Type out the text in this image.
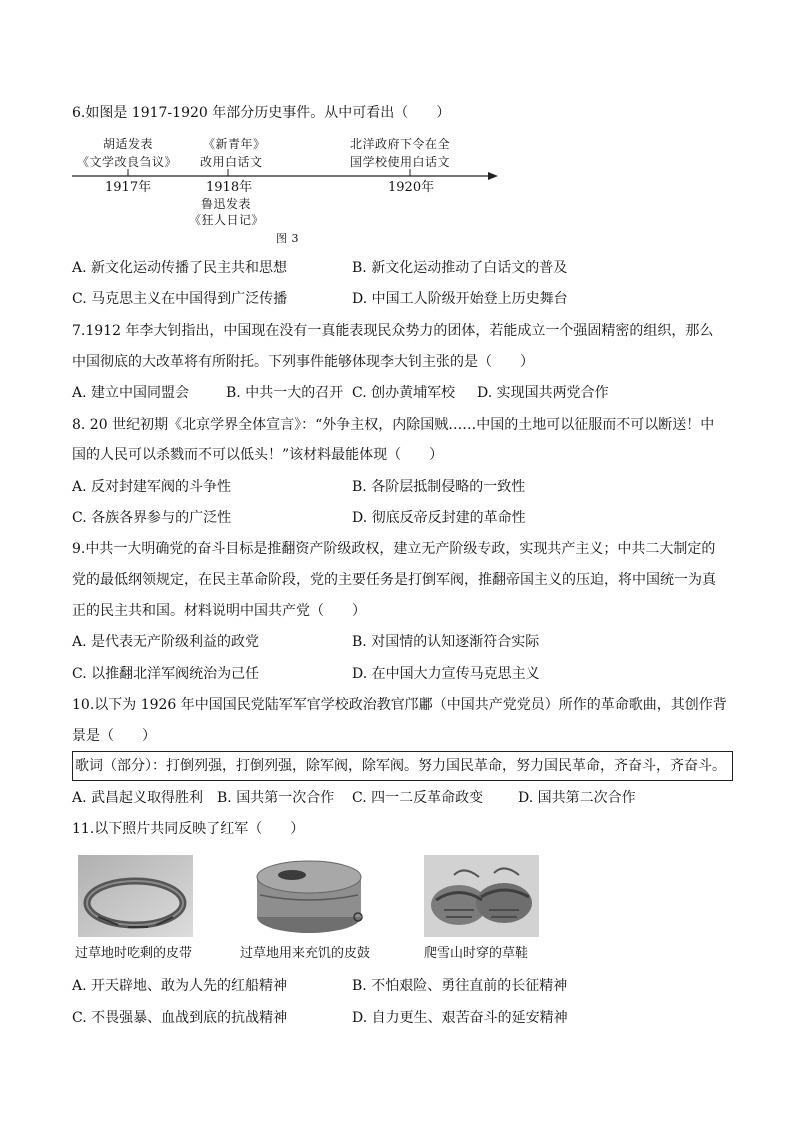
6.如图是 1917-1920 年部分历史事件。从中可看出（　　）
胡适发表
《文学改良刍议》
《新青年》
改用白话文
北洋政府下令在全
国学校使用白话文
1917年	1918年	1920年
鲁迅发表
《狂人日记》
图 3
A. 新文化运动传播了民主共和思想	B. 新文化运动推动了白话文的普及
C. 马克思主义在中国得到广泛传播	D. 中国工人阶级开始登上历史舞台
7.1912 年李大钊指出，中国现在没有一真能表现民众势力的团体，若能成立一个强固精密的组织，那么
中国彻底的大改革将有所附托。下列事件能够体现李大钊主张的是（　　）
A. 建立中国同盟会	B. 中共一大的召开 C. 创办黄埔军校 D. 实现国共两党合作
8. 20 世纪初期《北京学界全体宣言》：“外争主权，内除国贼……中国的土地可以征服而不可以断送！中
国的人民可以杀戮而不可以低头！”该材料最能体现（　　）
A. 反对封建军阀的斗争性	B. 各阶层抵制侵略的一致性
C. 各族各界参与的广泛性	D. 彻底反帝反封建的革命性
9.中共一大明确党的奋斗目标是推翻资产阶级政权，建立无产阶级专政，实现共产主义；中共二大制定的
党的最低纲领规定，在民主革命阶段，党的主要任务是打倒军阀，推翻帝国主义的压迫，将中国统一为真
正的民主共和国。材料说明中国共产党（　　）
A. 是代表无产阶级利益的政党	B. 对国情的认知逐渐符合实际
C. 以推翻北洋军阀统治为己任	D. 在中国大力宣传马克思主义
10.以下为 1926 年中国国民党陆军军官学校政治教官邝鄘（中国共产党党员）所作的革命歌曲，其创作背
景是（　　）
歌词（部分）：打倒列强，打倒列强，除军阀，除军阀。努力国民革命，努力国民革命，齐奋斗，齐奋斗。
A. 武昌起义取得胜利 B. 国共第一次合作 C. 四一二反革命政变 D. 国共第二次合作
11.以下照片共同反映了红军（　　）
过草地时吃剩的皮带	过草地用来充饥的皮鼓	爬雪山时穿的草鞋
A. 开天辟地、敢为人先的红船精神	B. 不怕艰险、勇往直前的长征精神
C. 不畏强暴、血战到底的抗战精神	D. 自力更生、艰苦奋斗的延安精神
